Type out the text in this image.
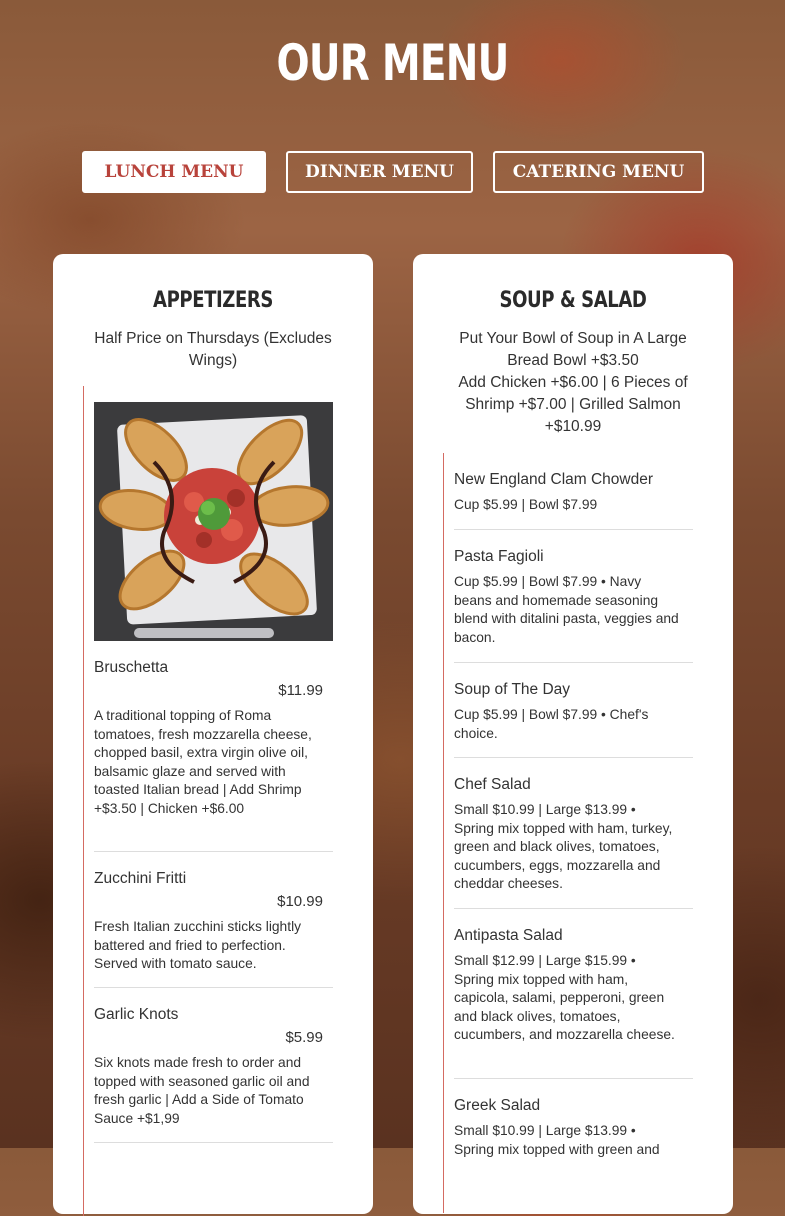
OUR MENU
LUNCH MENU	DINNER MENU	CATERING MENU
APPETIZERS
Half Price on Thursdays (Excludes Wings)
Bruschetta
$11.99
A traditional topping of Roma tomatoes, fresh mozzarella cheese, chopped basil, extra virgin olive oil, balsamic glaze and served with toasted Italian bread | Add Shrimp +$3.50 | Chicken +$6.00
Zucchini Fritti
$10.99
Fresh Italian zucchini sticks lightly battered and fried to perfection. Served with tomato sauce.
Garlic Knots
$5.99
Six knots made fresh to order and topped with seasoned garlic oil and fresh garlic | Add a Side of Tomato Sauce +$1,99
SOUP & SALAD
Put Your Bowl of Soup in A Large Bread Bowl +$3.50
Add Chicken +$6.00 | 6 Pieces of Shrimp +$7.00 | Grilled Salmon +$10.99
New England Clam Chowder
Cup $5.99 | Bowl $7.99
Pasta Fagioli
Cup $5.99 | Bowl $7.99 • Navy beans and homemade seasoning blend with ditalini pasta, veggies and bacon.
Soup of The Day
Cup $5.99 | Bowl $7.99 • Chef's choice.
Chef Salad
Small $10.99 | Large $13.99 • Spring mix topped with ham, turkey, green and black olives, tomatoes, cucumbers, eggs, mozzarella and cheddar cheeses.
Antipasta Salad
Small $12.99 | Large $15.99 • Spring mix topped with ham, capicola, salami, pepperoni, green and black olives, tomatoes, cucumbers, and mozzarella cheese.
Greek Salad
Small $10.99 | Large $13.99 • Spring mix topped with green and
